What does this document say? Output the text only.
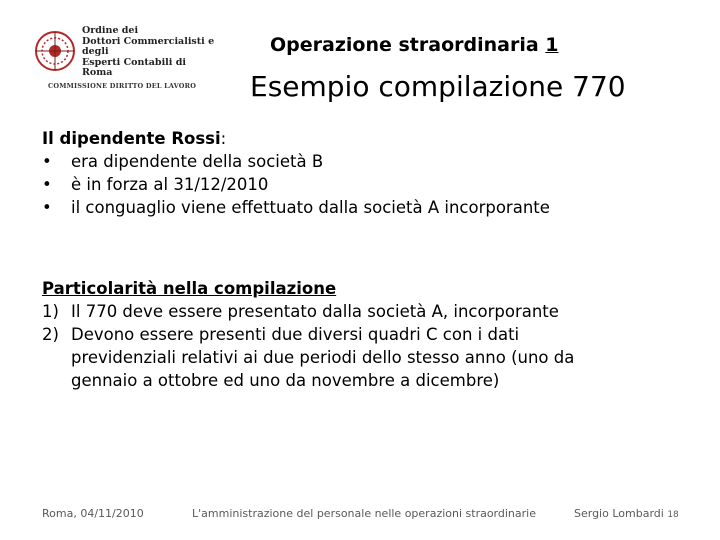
Ordine dei
Dottori Commercialisti e degli
Esperti Contabili di
Roma
COMMISSIONE DIRITTO DEL LAVORO
Operazione straordinaria 1
Esempio compilazione 770
Il dipendente Rossi:
• era dipendente della società B
• è in forza al 31/12/2010
• il conguaglio viene effettuato dalla società A incorporante
Particolarità nella compilazione
1) Il 770 deve essere presentato dalla società A, incorporante
2) Devono essere presenti due diversi quadri C con i dati
previdenziali relativi ai due periodi dello stesso anno (uno da
gennaio a ottobre ed uno da novembre a dicembre)
Roma, 04/11/2010	L'amministrazione del personale nelle operazioni straordinarie	Sergio Lombardi 18
